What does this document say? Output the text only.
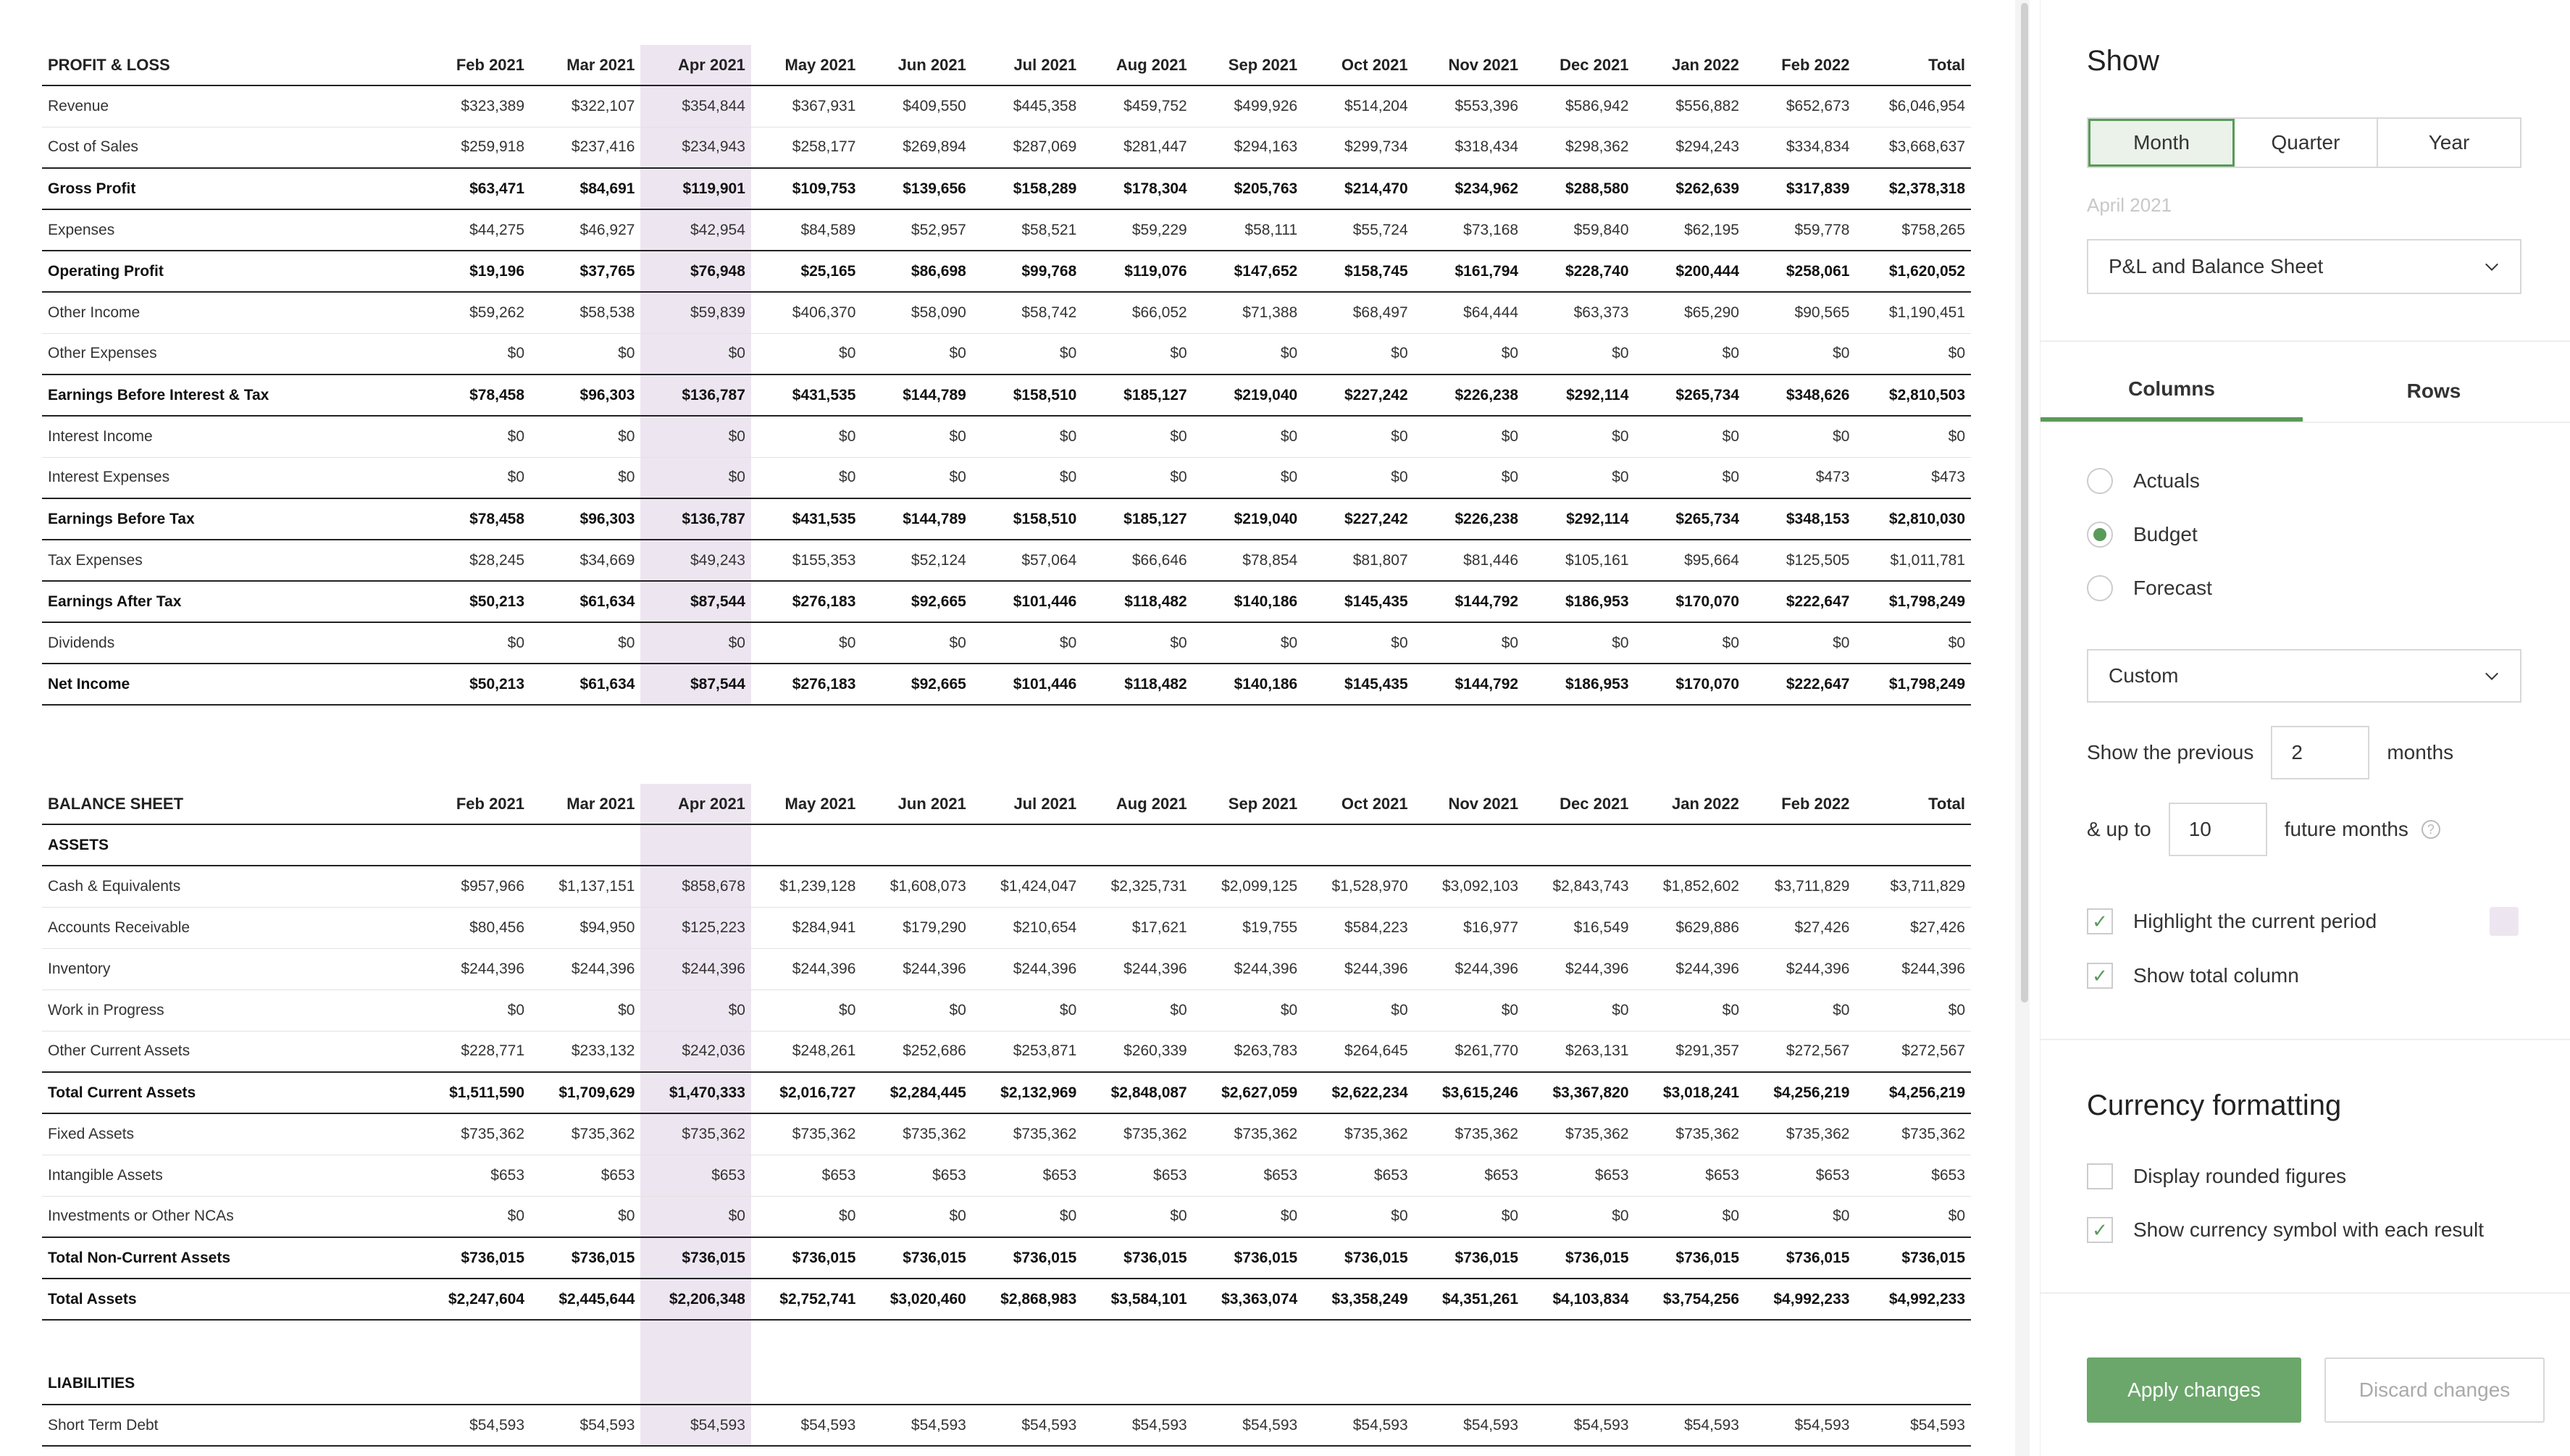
PROFIT & LOSS	Feb 2021	Mar 2021	Apr 2021	May 2021	Jun 2021	Jul 2021	Aug 2021	Sep 2021	Oct 2021	Nov 2021	Dec 2021	Jan 2022	Feb 2022	Total
Revenue	$323,389	$322,107	$354,844	$367,931	$409,550	$445,358	$459,752	$499,926	$514,204	$553,396	$586,942	$556,882	$652,673	$6,046,954
Cost of Sales	$259,918	$237,416	$234,943	$258,177	$269,894	$287,069	$281,447	$294,163	$299,734	$318,434	$298,362	$294,243	$334,834	$3,668,637
Gross Profit	$63,471	$84,691	$119,901	$109,753	$139,656	$158,289	$178,304	$205,763	$214,470	$234,962	$288,580	$262,639	$317,839	$2,378,318
Expenses	$44,275	$46,927	$42,954	$84,589	$52,957	$58,521	$59,229	$58,111	$55,724	$73,168	$59,840	$62,195	$59,778	$758,265
Operating Profit	$19,196	$37,765	$76,948	$25,165	$86,698	$99,768	$119,076	$147,652	$158,745	$161,794	$228,740	$200,444	$258,061	$1,620,052
Other Income	$59,262	$58,538	$59,839	$406,370	$58,090	$58,742	$66,052	$71,388	$68,497	$64,444	$63,373	$65,290	$90,565	$1,190,451
Other Expenses	$0	$0	$0	$0	$0	$0	$0	$0	$0	$0	$0	$0	$0	$0
Earnings Before Interest & Tax	$78,458	$96,303	$136,787	$431,535	$144,789	$158,510	$185,127	$219,040	$227,242	$226,238	$292,114	$265,734	$348,626	$2,810,503
Interest Income	$0	$0	$0	$0	$0	$0	$0	$0	$0	$0	$0	$0	$0	$0
Interest Expenses	$0	$0	$0	$0	$0	$0	$0	$0	$0	$0	$0	$0	$473	$473
Earnings Before Tax	$78,458	$96,303	$136,787	$431,535	$144,789	$158,510	$185,127	$219,040	$227,242	$226,238	$292,114	$265,734	$348,153	$2,810,030
Tax Expenses	$28,245	$34,669	$49,243	$155,353	$52,124	$57,064	$66,646	$78,854	$81,807	$81,446	$105,161	$95,664	$125,505	$1,011,781
Earnings After Tax	$50,213	$61,634	$87,544	$276,183	$92,665	$101,446	$118,482	$140,186	$145,435	$144,792	$186,953	$170,070	$222,647	$1,798,249
Dividends	$0	$0	$0	$0	$0	$0	$0	$0	$0	$0	$0	$0	$0	$0
Net Income	$50,213	$61,634	$87,544	$276,183	$92,665	$101,446	$118,482	$140,186	$145,435	$144,792	$186,953	$170,070	$222,647	$1,798,249
BALANCE SHEET	Feb 2021	Mar 2021	Apr 2021	May 2021	Jun 2021	Jul 2021	Aug 2021	Sep 2021	Oct 2021	Nov 2021	Dec 2021	Jan 2022	Feb 2022	Total
ASSETS														
Cash & Equivalents	$957,966	$1,137,151	$858,678	$1,239,128	$1,608,073	$1,424,047	$2,325,731	$2,099,125	$1,528,970	$3,092,103	$2,843,743	$1,852,602	$3,711,829	$3,711,829
Accounts Receivable	$80,456	$94,950	$125,223	$284,941	$179,290	$210,654	$17,621	$19,755	$584,223	$16,977	$16,549	$629,886	$27,426	$27,426
Inventory	$244,396	$244,396	$244,396	$244,396	$244,396	$244,396	$244,396	$244,396	$244,396	$244,396	$244,396	$244,396	$244,396	$244,396
Work in Progress	$0	$0	$0	$0	$0	$0	$0	$0	$0	$0	$0	$0	$0	$0
Other Current Assets	$228,771	$233,132	$242,036	$248,261	$252,686	$253,871	$260,339	$263,783	$264,645	$261,770	$263,131	$291,357	$272,567	$272,567
Total Current Assets	$1,511,590	$1,709,629	$1,470,333	$2,016,727	$2,284,445	$2,132,969	$2,848,087	$2,627,059	$2,622,234	$3,615,246	$3,367,820	$3,018,241	$4,256,219	$4,256,219
Fixed Assets	$735,362	$735,362	$735,362	$735,362	$735,362	$735,362	$735,362	$735,362	$735,362	$735,362	$735,362	$735,362	$735,362	$735,362
Intangible Assets	$653	$653	$653	$653	$653	$653	$653	$653	$653	$653	$653	$653	$653	$653
Investments or Other NCAs	$0	$0	$0	$0	$0	$0	$0	$0	$0	$0	$0	$0	$0	$0
Total Non-Current Assets	$736,015	$736,015	$736,015	$736,015	$736,015	$736,015	$736,015	$736,015	$736,015	$736,015	$736,015	$736,015	$736,015	$736,015
Total Assets	$2,247,604	$2,445,644	$2,206,348	$2,752,741	$3,020,460	$2,868,983	$3,584,101	$3,363,074	$3,358,249	$4,351,261	$4,103,834	$3,754,256	$4,992,233	$4,992,233

LIABILITIES														
Short Term Debt	$54,593	$54,593	$54,593	$54,593	$54,593	$54,593	$54,593	$54,593	$54,593	$54,593	$54,593	$54,593	$54,593	$54,593
Show
Month	Quarter	Year
April 2021
P&L and Balance Sheet
Columns	Rows
Actuals
Budget
Forecast
Custom
Show the previous	2	months
& up to	10	future months	?
✓ Highlight the current period
✓ Show total column
Currency formatting
Display rounded figures
✓ Show currency symbol with each result
Apply changes	Discard changes
